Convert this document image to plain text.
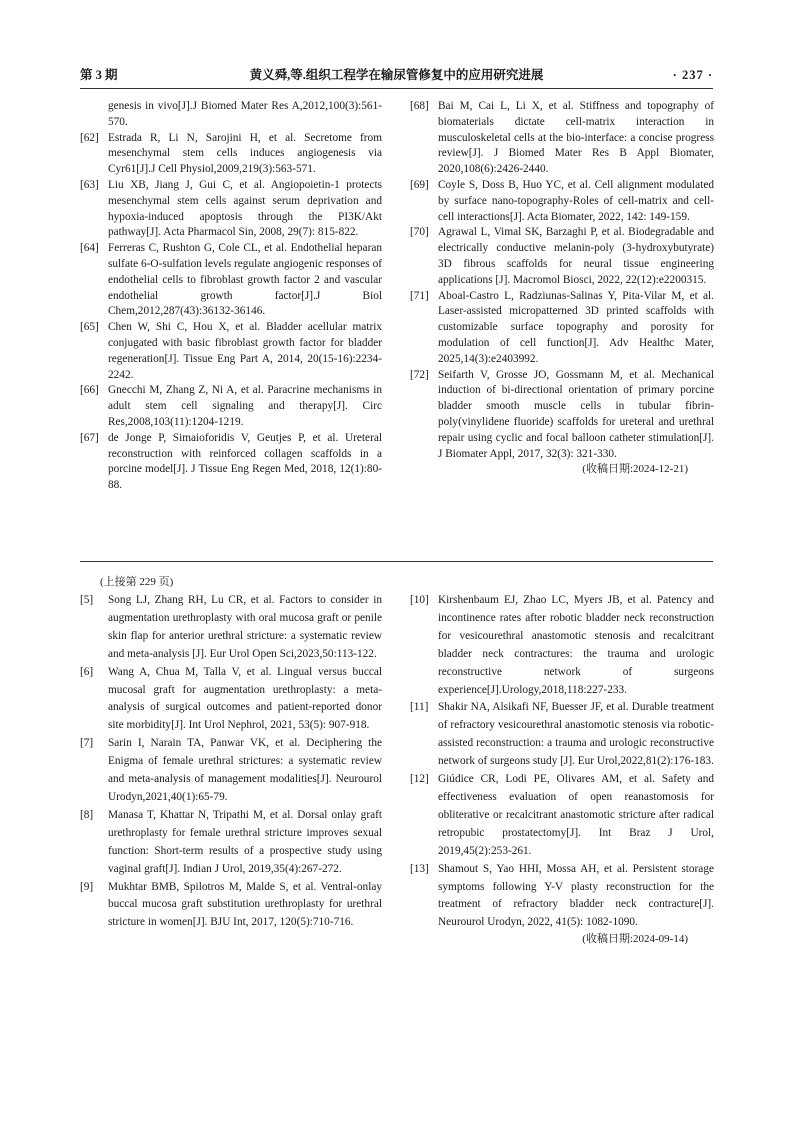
第 3 期	黄义舜,等.组织工程学在输尿管修复中的应用研究进展	· 237 ·
genesis in vivo[J].J Biomed Mater Res A,2012,100(3):561-570.
[62] Estrada R, Li N, Sarojini H, et al. Secretome from mesenchymal stem cells induces angiogenesis via Cyr61[J].J Cell Physiol,2009,219(3):563-571.
[63] Liu XB, Jiang J, Gui C, et al. Angiopoietin-1 protects mesenchymal stem cells against serum deprivation and hypoxia-induced apoptosis through the PI3K/Akt pathway[J]. Acta Pharmacol Sin, 2008, 29(7): 815-822.
[64] Ferreras C, Rushton G, Cole CL, et al. Endothelial heparan sulfate 6-O-sulfation levels regulate angiogenic responses of endothelial cells to fibroblast growth factor 2 and vascular endothelial growth factor[J].J Biol Chem,2012,287(43):36132-36146.
[65] Chen W, Shi C, Hou X, et al. Bladder acellular matrix conjugated with basic fibroblast growth factor for bladder regeneration[J]. Tissue Eng Part A, 2014, 20(15-16):2234-2242.
[66] Gnecchi M, Zhang Z, Ni A, et al. Paracrine mechanisms in adult stem cell signaling and therapy[J]. Circ Res,2008,103(11):1204-1219.
[67] de Jonge P, Simaioforidis V, Geutjes P, et al. Ureteral reconstruction with reinforced collagen scaffolds in a porcine model[J]. J Tissue Eng Regen Med, 2018, 12(1):80-88.
[68] Bai M, Cai L, Li X, et al. Stiffness and topography of biomaterials dictate cell-matrix interaction in musculoskeletal cells at the bio-interface: a concise progress review[J]. J Biomed Mater Res B Appl Biomater, 2020,108(6):2426-2440.
[69] Coyle S, Doss B, Huo YC, et al. Cell alignment modulated by surface nano-topography-Roles of cell-matrix and cell-cell interactions[J]. Acta Biomater, 2022, 142: 149-159.
[70] Agrawal L, Vimal SK, Barzaghi P, et al. Biodegradable and electrically conductive melanin-poly (3-hydroxybutyrate) 3D fibrous scaffolds for neural tissue engineering applications [J]. Macromol Biosci, 2022, 22(12):e2200315.
[71] Aboal-Castro L, Radziunas-Salinas Y, Pita-Vilar M, et al. Laser-assisted micropatterned 3D printed scaffolds with customizable surface topography and porosity for modulation of cell function[J]. Adv Healthc Mater, 2025,14(3):e2403992.
[72] Seifarth V, Grosse JO, Gossmann M, et al. Mechanical induction of bi-directional orientation of primary porcine bladder smooth muscle cells in tubular fibrin-poly(vinylidene fluoride) scaffolds for ureteral and urethral repair using cyclic and focal balloon catheter stimulation[J]. J Biomater Appl, 2017, 32(3): 321-330.
(收稿日期:2024-12-21)
(上接第 229 页)
[5] Song LJ, Zhang RH, Lu CR, et al. Factors to consider in augmentation urethroplasty with oral mucosa graft or penile skin flap for anterior urethral stricture: a systematic review and meta-analysis [J]. Eur Urol Open Sci,2023,50:113-122.
[6] Wang A, Chua M, Talla V, et al. Lingual versus buccal mucosal graft for augmentation urethroplasty: a meta-analysis of surgical outcomes and patient-reported donor site morbidity[J]. Int Urol Nephrol, 2021, 53(5): 907-918.
[7] Sarin I, Narain TA, Panwar VK, et al. Deciphering the Enigma of female urethral strictures: a systematic review and meta-analysis of management modalities[J]. Neurourol Urodyn,2021,40(1):65-79.
[8] Manasa T, Khattar N, Tripathi M, et al. Dorsal onlay graft urethroplasty for female urethral stricture improves sexual function: Short-term results of a prospective study using vaginal graft[J]. Indian J Urol, 2019,35(4):267-272.
[9] Mukhtar BMB, Spilotros M, Malde S, et al. Ventral-onlay buccal mucosa graft substitution urethroplasty for urethral stricture in women[J]. BJU Int, 2017, 120(5):710-716.
[10] Kirshenbaum EJ, Zhao LC, Myers JB, et al. Patency and incontinence rates after robotic bladder neck reconstruction for vesicourethral anastomotic stenosis and recalcitrant bladder neck contractures: the trauma and urologic reconstructive network of surgeons experience[J].Urology,2018,118:227-233.
[11] Shakir NA, Alsikafi NF, Buesser JF, et al. Durable treatment of refractory vesicourethral anastomotic stenosis via robotic-assisted reconstruction: a trauma and urologic reconstructive network of surgeons study [J]. Eur Urol,2022,81(2):176-183.
[12] Giúdice CR, Lodi PE, Olivares AM, et al. Safety and effectiveness evaluation of open reanastomosis for obliterative or recalcitrant anastomotic stricture after radical retropubic prostatectomy[J]. Int Braz J Urol, 2019,45(2):253-261.
[13] Shamout S, Yao HHI, Mossa AH, et al. Persistent storage symptoms following Y-V plasty reconstruction for the treatment of refractory bladder neck contracture[J]. Neurourol Urodyn, 2022, 41(5): 1082-1090.
(收稿日期:2024-09-14)
